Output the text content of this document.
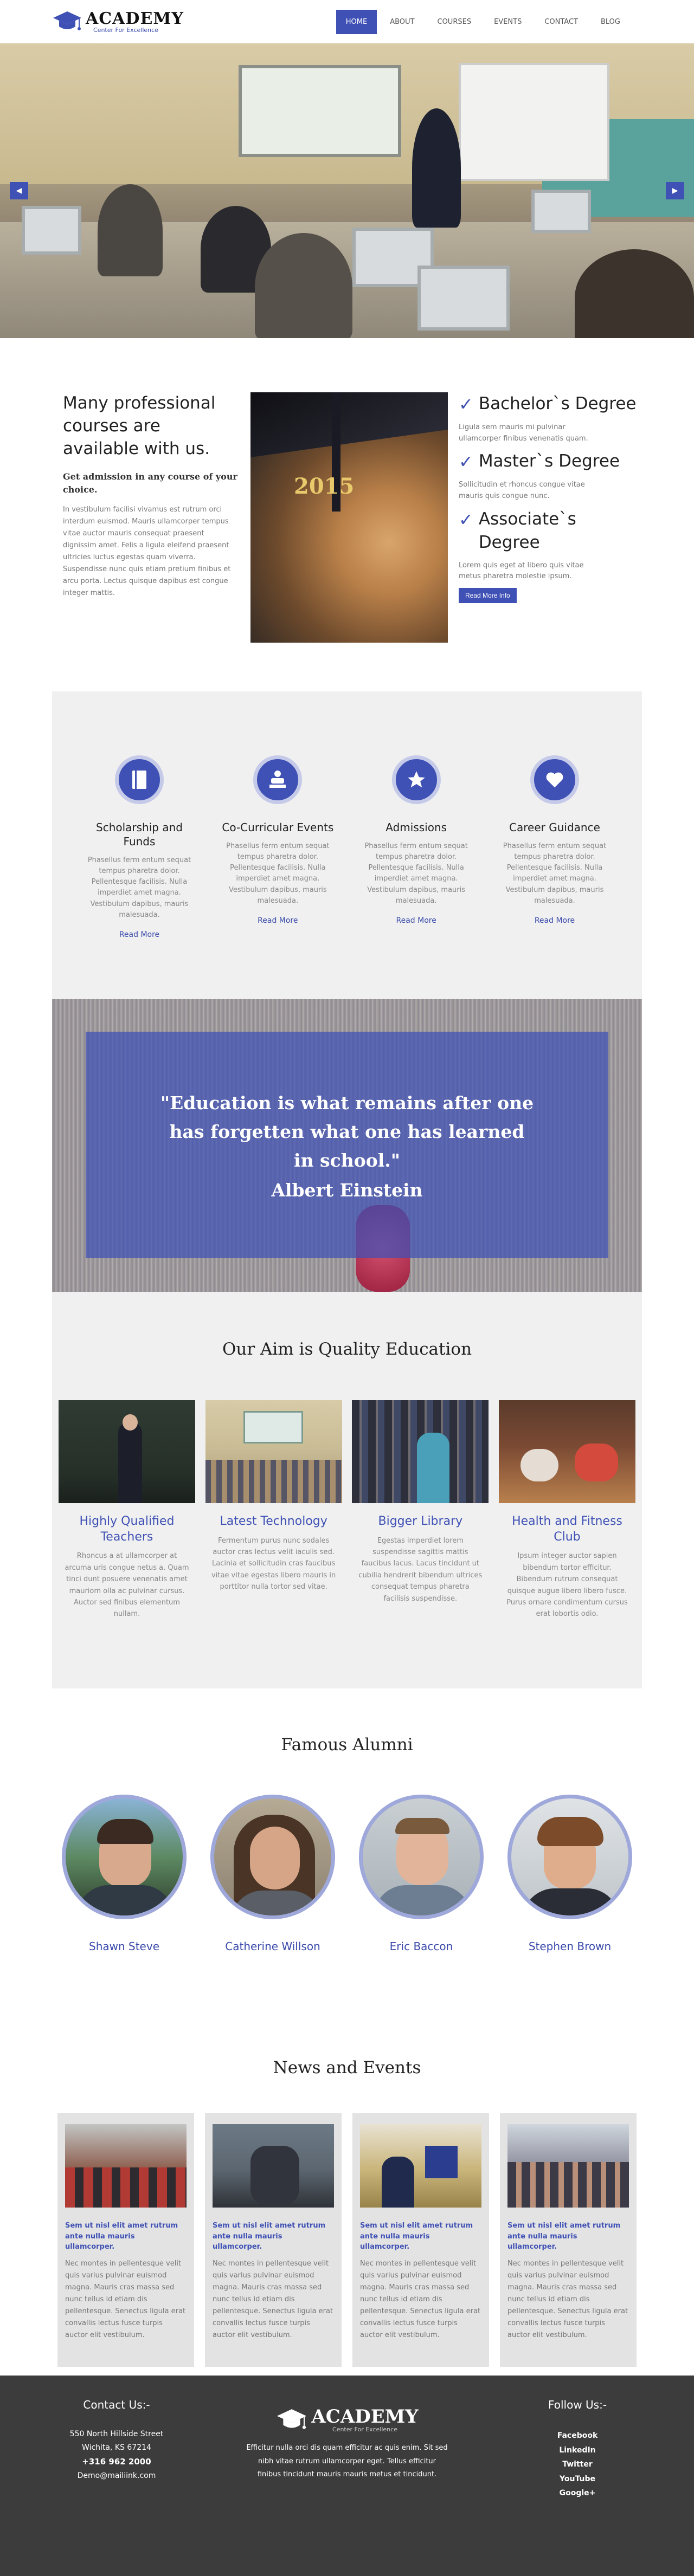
ACADEMY
Center For Excellence
HOME	ABOUT	COURSES	EVENTS	CONTACT	BLOG
◀	▶
Many professional courses are available with us.
Get admission in any course of your choice.

In vestibulum facilisi vivamus est rutrum orci interdum euismod. Mauris ullamcorper tempus vitae auctor mauris consequat praesent dignissim amet. Felis a ligula eleifend praesent ultricies luctus egestas quam viverra. Suspendisse nunc quis etiam pretium finibus et arcu porta. Lectus quisque dapibus est congue integer mattis.

2015
✓ Bachelor`s Degree

Ligula sem mauris mi pulvinar ullamcorper finibus venenatis quam.

✓ Master`s Degree

Sollicitudin et rhoncus congue vitae mauris quis congue nunc.

✓ Associate`s Degree

Lorem quis eget at libero quis vitae metus pharetra molestie ipsum.

Read More Info
Scholarship and Funds

Phasellus ferm entum sequat tempus pharetra dolor. Pellentesque facilisis. Nulla imperdiet amet magna. Vestibulum dapibus, mauris malesuada.

Read More
Co-Curricular Events

Phasellus ferm entum sequat tempus pharetra dolor. Pellentesque facilisis. Nulla imperdiet amet magna. Vestibulum dapibus, mauris malesuada.

Read More
Admissions

Phasellus ferm entum sequat tempus pharetra dolor. Pellentesque facilisis. Nulla imperdiet amet magna. Vestibulum dapibus, mauris malesuada.

Read More
Career Guidance

Phasellus ferm entum sequat tempus pharetra dolor. Pellentesque facilisis. Nulla imperdiet amet magna. Vestibulum dapibus, mauris malesuada.

Read More
"Education is what remains after one has forgetten what one has learned in school."
Albert Einstein
Our Aim is Quality Education
Highly Qualified Teachers

Rhoncus a at ullamcorper at arcuma uris congue netus a. Quam tinci dunt posuere venenatis amet mauriom olla ac pulvinar cursus. Auctor sed finibus elementum nullam.

Latest Technology

Fermentum purus nunc sodales auctor cras lectus velit iaculis sed. Lacinia et sollicitudin cras faucibus vitae vitae egestas libero mauris in porttitor nulla tortor sed vitae.

Bigger Library

Egestas imperdiet lorem suspendisse sagittis mattis faucibus lacus. Lacus tincidunt ut cubilia hendrerit bibendum ultrices consequat tempus pharetra facilisis suspendisse.

Health and Fitness Club

Ipsum integer auctor sapien bibendum tortor efficitur. Bibendum rutrum consequat quisque augue libero libero fusce. Purus ornare condimentum cursus erat lobortis odio.

Famous Alumni
Shawn Steve	Catherine Willson	Eric Baccon	Stephen Brown
News and Events
Sem ut nisl elit amet rutrum ante nulla mauris ullamcorper.

Nec montes in pellentesque velit quis varius pulvinar euismod magna. Mauris cras massa sed nunc tellus id etiam dis pellentesque. Senectus ligula erat convallis lectus fusce turpis auctor elit vestibulum.

Sem ut nisl elit amet rutrum ante nulla mauris ullamcorper.

Nec montes in pellentesque velit quis varius pulvinar euismod magna. Mauris cras massa sed nunc tellus id etiam dis pellentesque. Senectus ligula erat convallis lectus fusce turpis auctor elit vestibulum.

Sem ut nisl elit amet rutrum ante nulla mauris ullamcorper.

Nec montes in pellentesque velit quis varius pulvinar euismod magna. Mauris cras massa sed nunc tellus id etiam dis pellentesque. Senectus ligula erat convallis lectus fusce turpis auctor elit vestibulum.

Sem ut nisl elit amet rutrum ante nulla mauris ullamcorper.

Nec montes in pellentesque velit quis varius pulvinar euismod magna. Mauris cras massa sed nunc tellus id etiam dis pellentesque. Senectus ligula erat convallis lectus fusce turpis auctor elit vestibulum.

Contact Us:-

550 North Hillside Street

Wichita, KS 67214

+316 962 2000

Demo@mailiink.com

ACADEMY
Center For Excellence

Efficitur nulla orci dis quam efficitur ac quis enim. Sit sed nibh vitae rutrum ullamcorper eget. Tellus efficitur finibus tincidunt mauris mauris metus et tincidunt.

Follow Us:-
Facebook
LinkedIn
Twitter
YouTube
Google+
